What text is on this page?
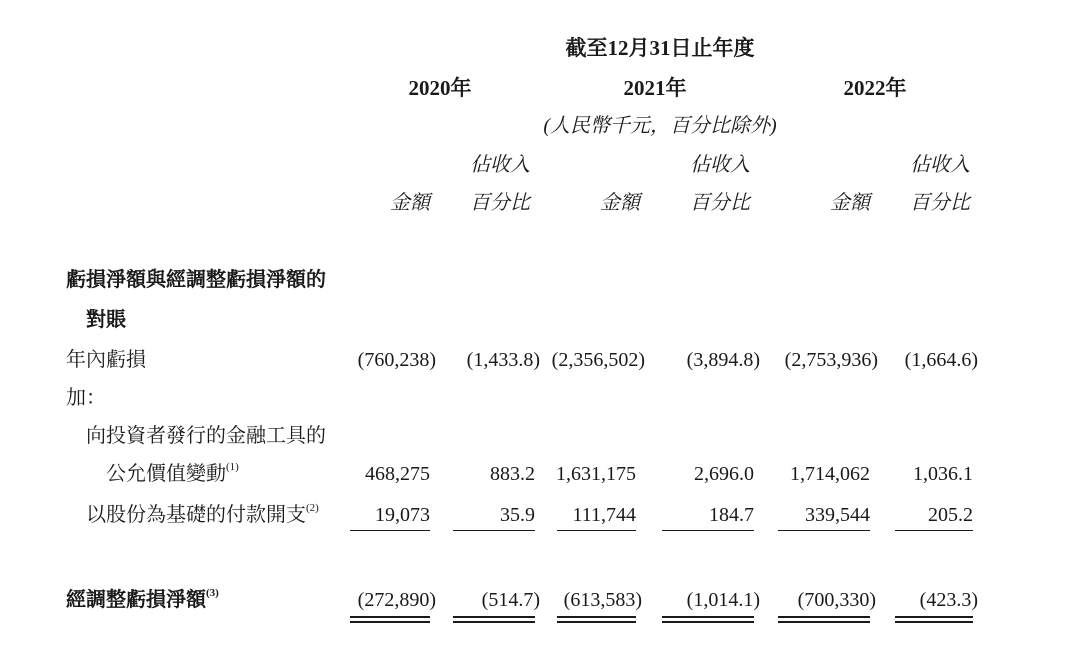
截至12月31日止年度
2020年	2021年	2022年
(人民幣千元，百分比除外)
佔收入	佔收入	佔收入
金額	百分比	金額	百分比	金額	百分比
虧損淨額與經調整虧損淨額的
對賬
年內虧損	(760,238)	(1,433.8) (2,356,502)	(3,894.8)	(2,753,936)	(1,664.6)
加：
向投資者發行的金融工具的
公允價值變動$^{(1)}$	468,275	883.2	1,631,175	2,696.0	1,714,062	1,036.1
以股份為基礎的付款開支$^{(2)}$	19,073	35.9	111,744	184.7	339,544	205.2
經調整虧損淨額$^{(3)}$	(272,890)	(514.7)	(613,583)	(1,014.1)	(700,330)	(423.3)
